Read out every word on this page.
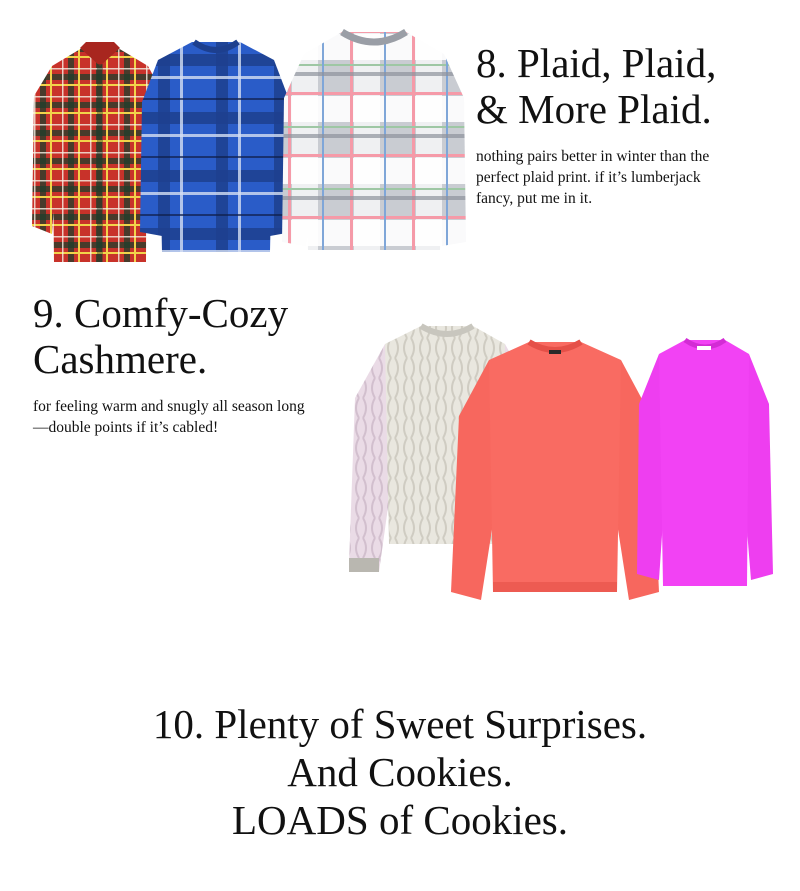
8. Plaid, Plaid,
& More Plaid.

nothing pairs better in winter than the
perfect plaid print. if it’s lumberjack
fancy, put me in it.

9. Comfy-Cozy
Cashmere.

for feeling warm and snugly all season long
—double points if it’s cabled!

10. Plenty of Sweet Surprises.
And Cookies.
LOADS of Cookies.
